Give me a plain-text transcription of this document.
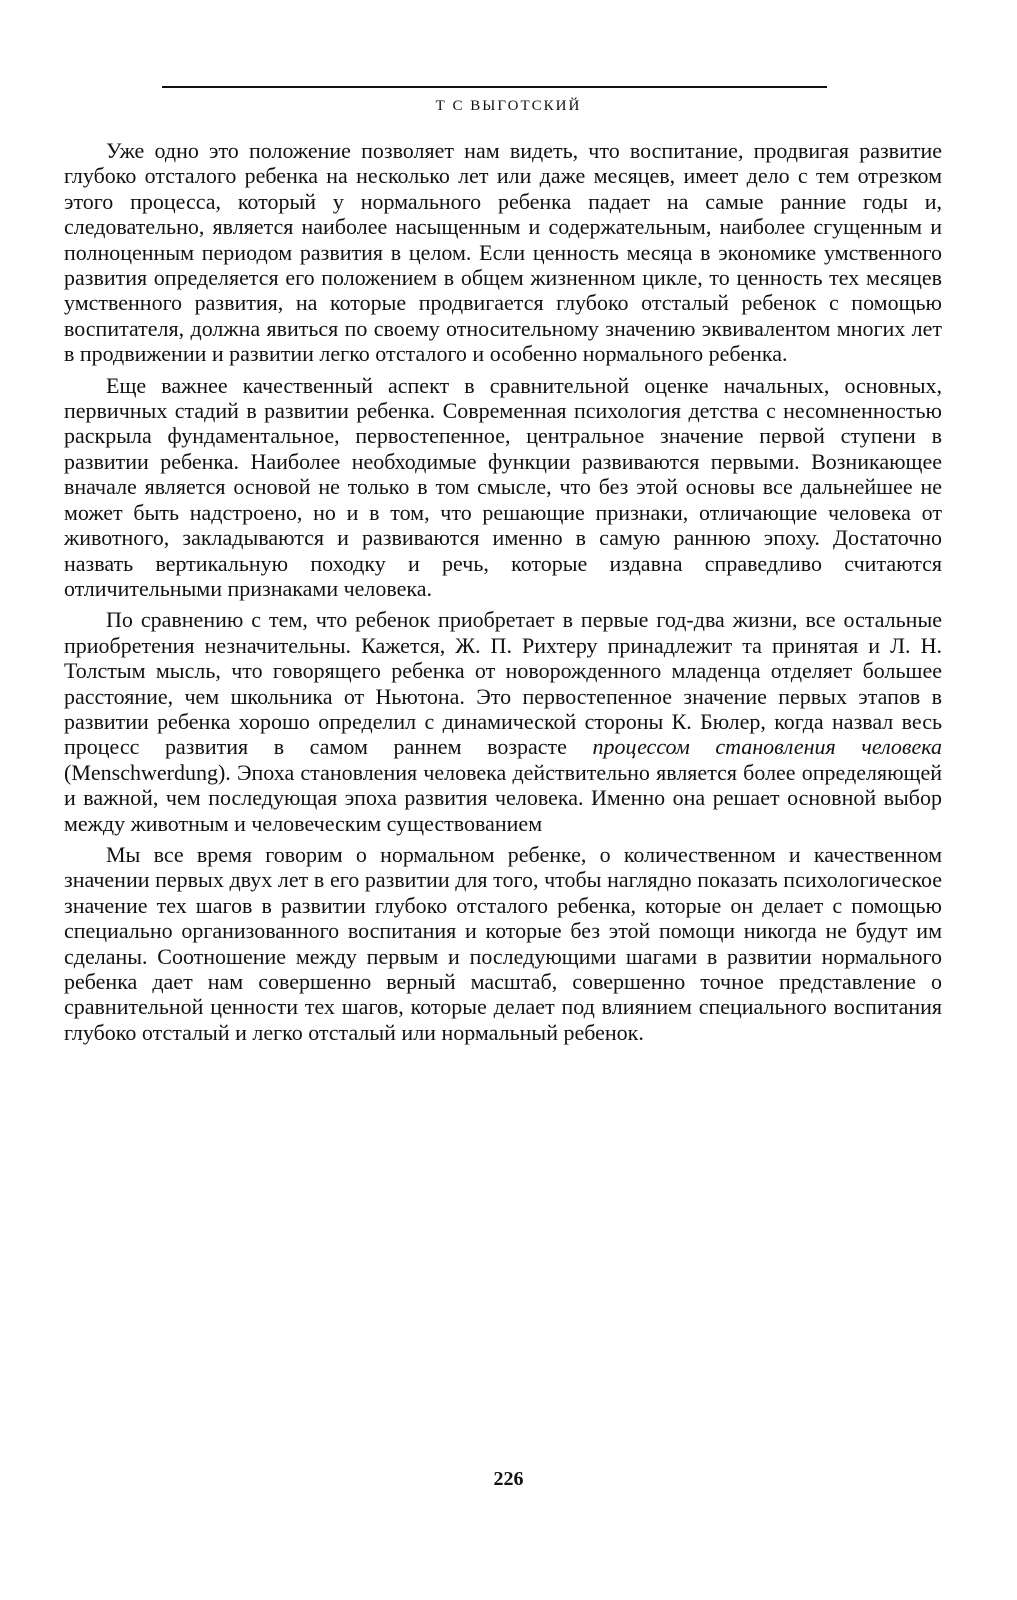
Т С ВЫГОТСКИЙ

Уже одно это положение позволяет нам видеть, что воспитание, продвигая развитие глубоко отсталого ребенка на несколько лет или даже месяцев, имеет дело с тем отрезком этого процесса, который у нормального ребенка падает на самые ранние годы и, следовательно, является наиболее насыщенным и содержательным, наиболее сгущенным и полноценным периодом развития в целом. Если ценность месяца в экономике умственного развития определяется его положением в общем жизненном цикле, то ценность тех месяцев умственного развития, на которые продвигается глубоко отсталый ребенок с помощью воспитателя, должна явиться по своему относительному значению эквивалентом многих лет в продвижении и развитии легко отсталого и особенно нормального ребенка.

Еще важнее качественный аспект в сравнительной оценке начальных, основных, первичных стадий в развитии ребенка. Современная психология детства с несомненностью раскрыла фундаментальное, первостепенное, центральное значение первой ступени в развитии ребенка. Наиболее необходимые функции развиваются первыми. Возникающее вначале является основой не только в том смысле, что без этой основы все дальнейшее не может быть надстроено, но и в том, что решающие признаки, отличающие человека от животного, закладываются и развиваются именно в самую раннюю эпоху. Достаточно назвать вертикальную походку и речь, которые издавна справедливо считаются отличительными признаками человека.

По сравнению с тем, что ребенок приобретает в первые год-два жизни, все остальные приобретения незначительны. Кажется, Ж. П. Рихтеру принадлежит та принятая и Л. Н. Толстым мысль, что говорящего ребенка от новорожденного младенца отделяет большее расстояние, чем школьника от Ньютона. Это первостепенное значение первых этапов в развитии ребенка хорошо определил с динамической стороны К. Бюлер, когда назвал весь процесс развития в самом раннем возрасте процессом становления человека (Menschwerdung). Эпоха становления человека действительно является более определяющей и важной, чем последующая эпоха развития человека. Именно она решает основной выбор между животным и человеческим существованием

Мы все время говорим о нормальном ребенке, о количественном и качественном значении первых двух лет в его развитии для того, чтобы наглядно показать психологическое значение тех шагов в развитии глубоко отсталого ребенка, которые он делает с помощью специально организованного воспитания и которые без этой помощи никогда не будут им сделаны. Соотношение между первым и последующими шагами в развитии нормального ребенка дает нам совершенно верный масштаб, совершенно точное представление о сравнительной ценности тех шагов, которые делает под влиянием специального воспитания глубоко отсталый и легко отсталый или нормальный ребенок.

226
